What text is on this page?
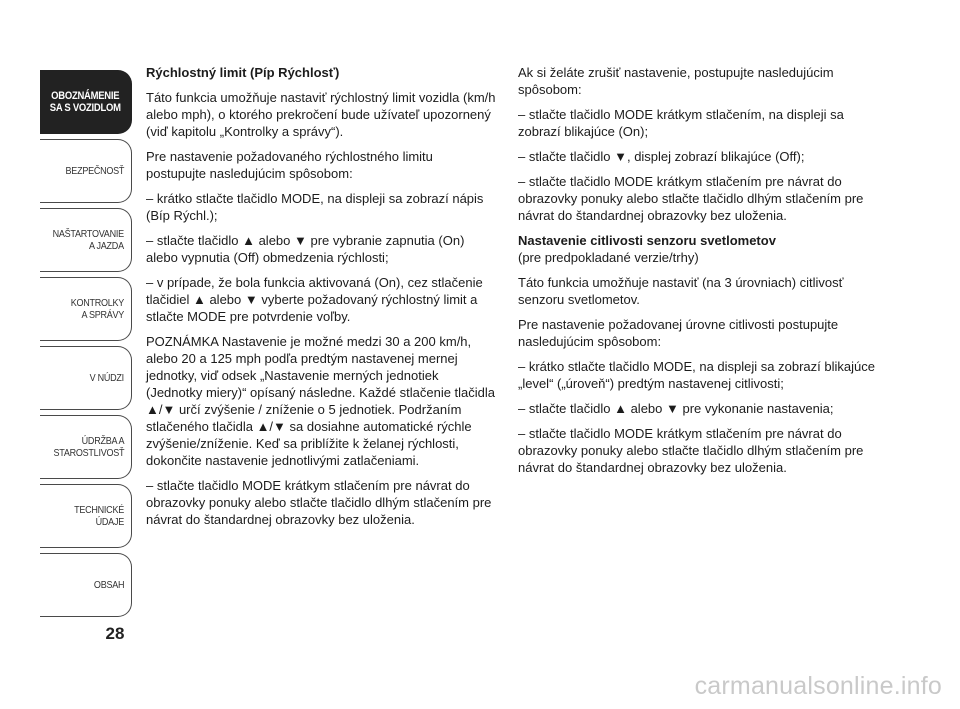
OBOZNÁMENIE
SA S VOZIDLOM
BEZPEČNOSŤ
NAŠTARTOVANIE
A JAZDA
KONTROLKY
A SPRÁVY
V NÚDZI
ÚDRŽBA A
STAROSTLIVOSŤ
TECHNICKÉ
ÚDAJE
OBSAH
28
Rýchlostný limit (Píp Rýchlosť)

Táto funkcia umožňuje nastaviť rýchlostný limit vozidla (km/h alebo mph), o ktorého prekročení bude užívateľ upozornený (viď kapitolu „Kontrolky a správy“).

Pre nastavenie požadovaného rýchlostného limitu postupujte nasledujúcim spôsobom:

– krátko stlačte tlačidlo MODE, na displeji sa zobrazí nápis (Bíp Rýchl.);

– stlačte tlačidlo ▲ alebo ▼ pre vybranie zapnutia (On) alebo vypnutia (Off) obmedzenia rýchlosti;

– v prípade, že bola funkcia aktivovaná (On), cez stlačenie tlačidiel ▲ alebo ▼ vyberte požadovaný rýchlostný limit a stlačte MODE pre potvrdenie voľby.

POZNÁMKA Nastavenie je možné medzi 30 a 200 km/h, alebo 20 a 125 mph podľa predtým nastavenej mernej jednotky, viď odsek „Nastavenie merných jednotiek (Jednotky miery)“ opísaný následne. Každé stlačenie tlačidla ▲/▼ určí zvýšenie / zníženie o 5 jednotiek. Podržaním stlačeného tlačidla ▲/▼ sa dosiahne automatické rýchle zvýšenie/zníženie. Keď sa priblížite k želanej rýchlosti, dokončite nastavenie jednotlivými zatlačeniami.

– stlačte tlačidlo MODE krátkym stlačením pre návrat do obrazovky ponuky alebo stlačte tlačidlo dlhým stlačením pre návrat do štandardnej obrazovky bez uloženia.

Ak si želáte zrušiť nastavenie, postupujte nasledujúcim spôsobom:

– stlačte tlačidlo MODE krátkym stlačením, na displeji sa zobrazí blikajúce (On);

– stlačte tlačidlo ▼, displej zobrazí blikajúce (Off);

– stlačte tlačidlo MODE krátkym stlačením pre návrat do obrazovky ponuky alebo stlačte tlačidlo dlhým stlačením pre návrat do štandardnej obrazovky bez uloženia.

Nastavenie citlivosti senzoru svetlometov

(pre predpokladané verzie/trhy)

Táto funkcia umožňuje nastaviť (na 3 úrovniach) citlivosť senzoru svetlometov.

Pre nastavenie požadovanej úrovne citlivosti postupujte nasledujúcim spôsobom:

– krátko stlačte tlačidlo MODE, na displeji sa zobrazí blikajúce „level“ („úroveň“) predtým nastavenej citlivosti;

– stlačte tlačidlo ▲ alebo ▼ pre vykonanie nastavenia;

– stlačte tlačidlo MODE krátkym stlačením pre návrat do obrazovky ponuky alebo stlačte tlačidlo dlhým stlačením pre návrat do štandardnej obrazovky bez uloženia.

carmanualsonline.info
